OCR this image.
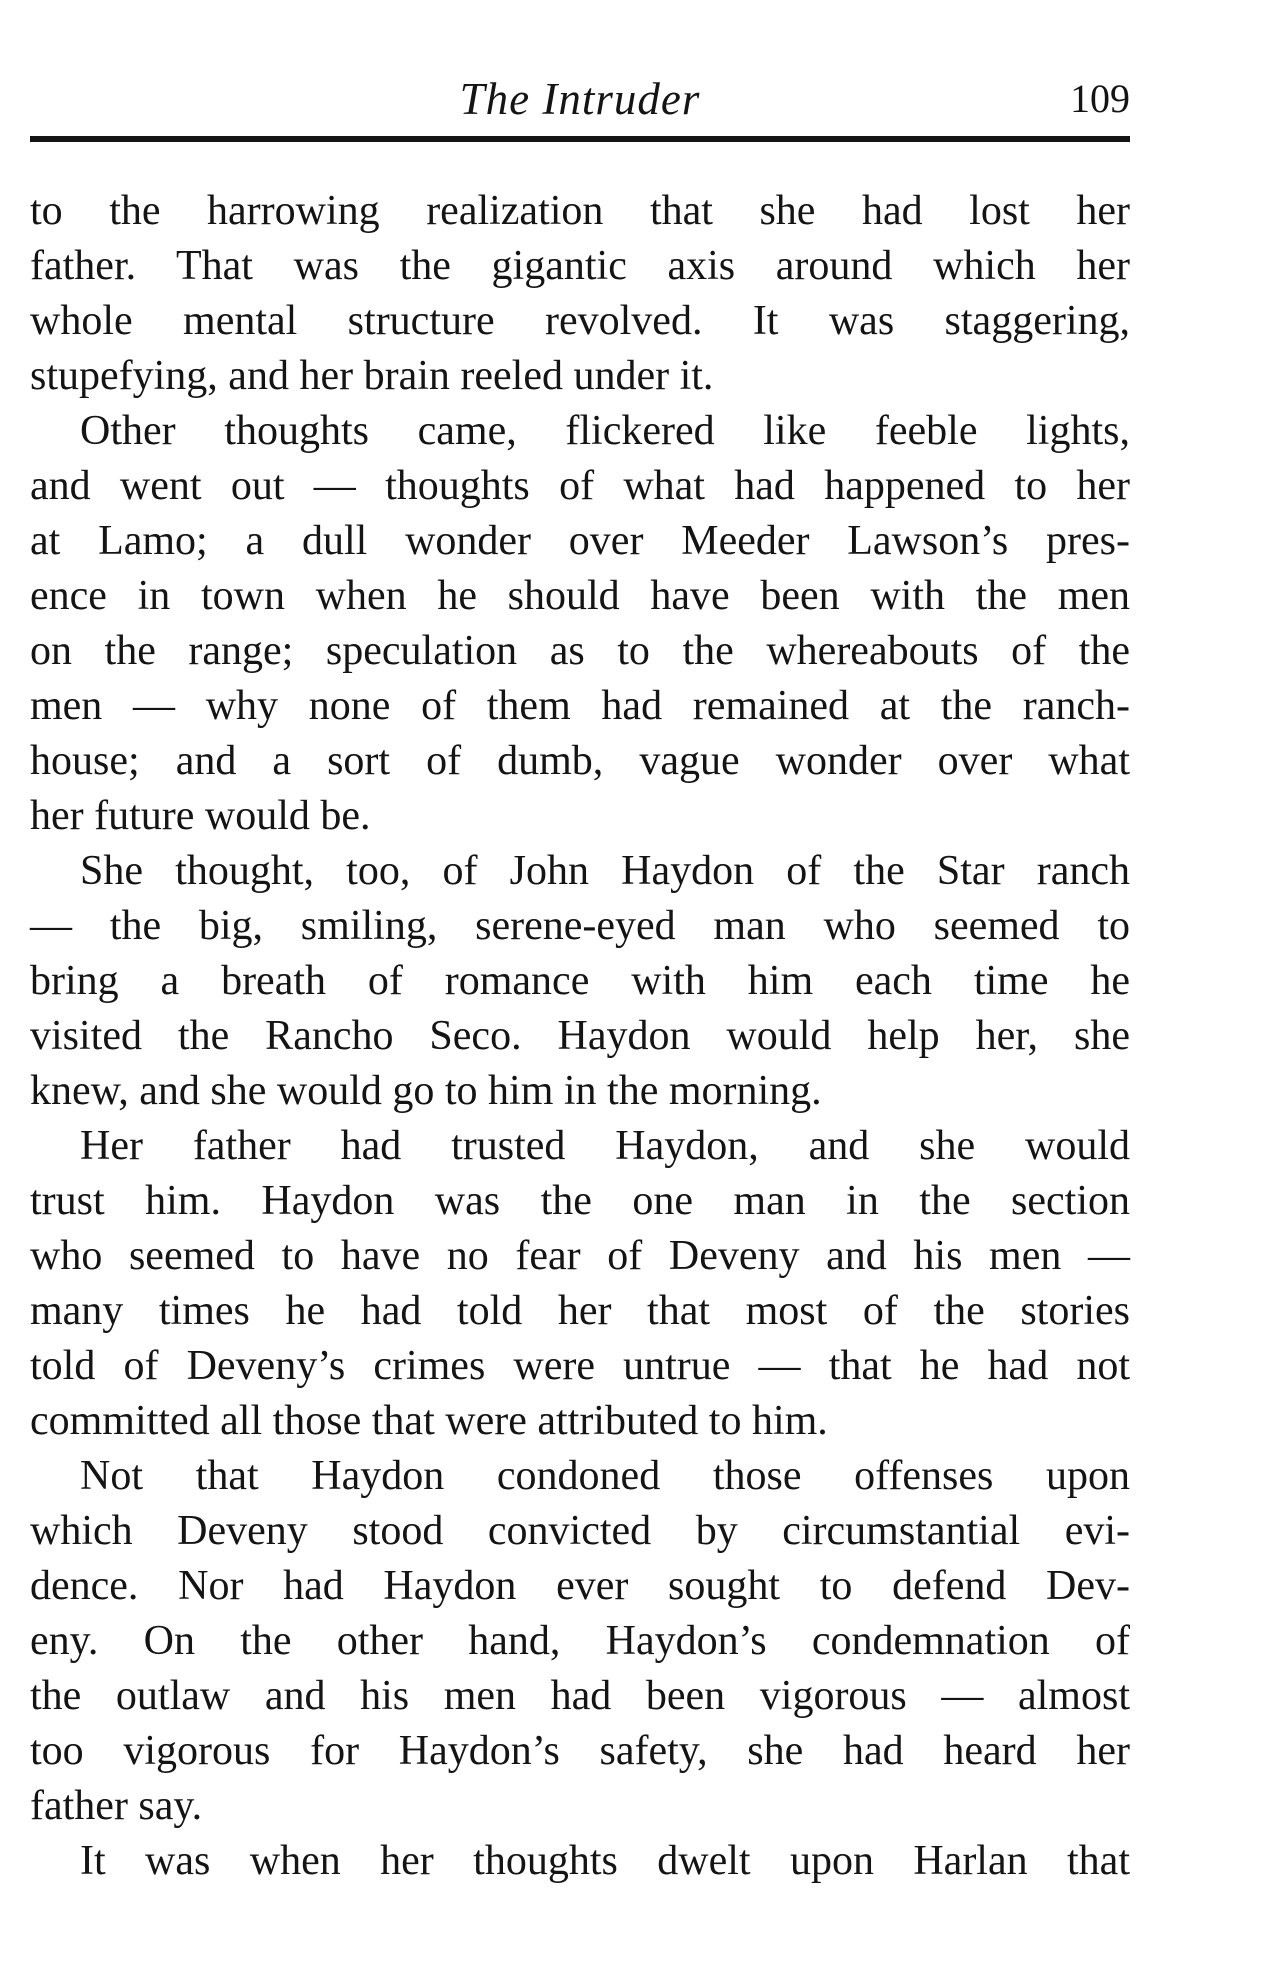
The Intruder	109
to the harrowing realization that she had lost her
father. That was the gigantic axis around which her
whole mental structure revolved. It was staggering,
stupefying, and her brain reeled under it.
Other thoughts came, flickered like feeble lights,
and went out — thoughts of what had happened to her
at Lamo; a dull wonder over Meeder Lawson’s pres-
ence in town when he should have been with the men
on the range; speculation as to the whereabouts of the
men — why none of them had remained at the ranch-
house; and a sort of dumb, vague wonder over what
her future would be.
She thought, too, of John Haydon of the Star ranch
— the big, smiling, serene-eyed man who seemed to
bring a breath of romance with him each time he
visited the Rancho Seco. Haydon would help her, she
knew, and she would go to him in the morning.
Her father had trusted Haydon, and she would
trust him. Haydon was the one man in the section
who seemed to have no fear of Deveny and his men —
many times he had told her that most of the stories
told of Deveny’s crimes were untrue — that he had not
committed all those that were attributed to him.
Not that Haydon condoned those offenses upon
which Deveny stood convicted by circumstantial evi-
dence. Nor had Haydon ever sought to defend Dev-
eny. On the other hand, Haydon’s condemnation of
the outlaw and his men had been vigorous — almost
too vigorous for Haydon’s safety, she had heard her
father say.
It was when her thoughts dwelt upon Harlan that
